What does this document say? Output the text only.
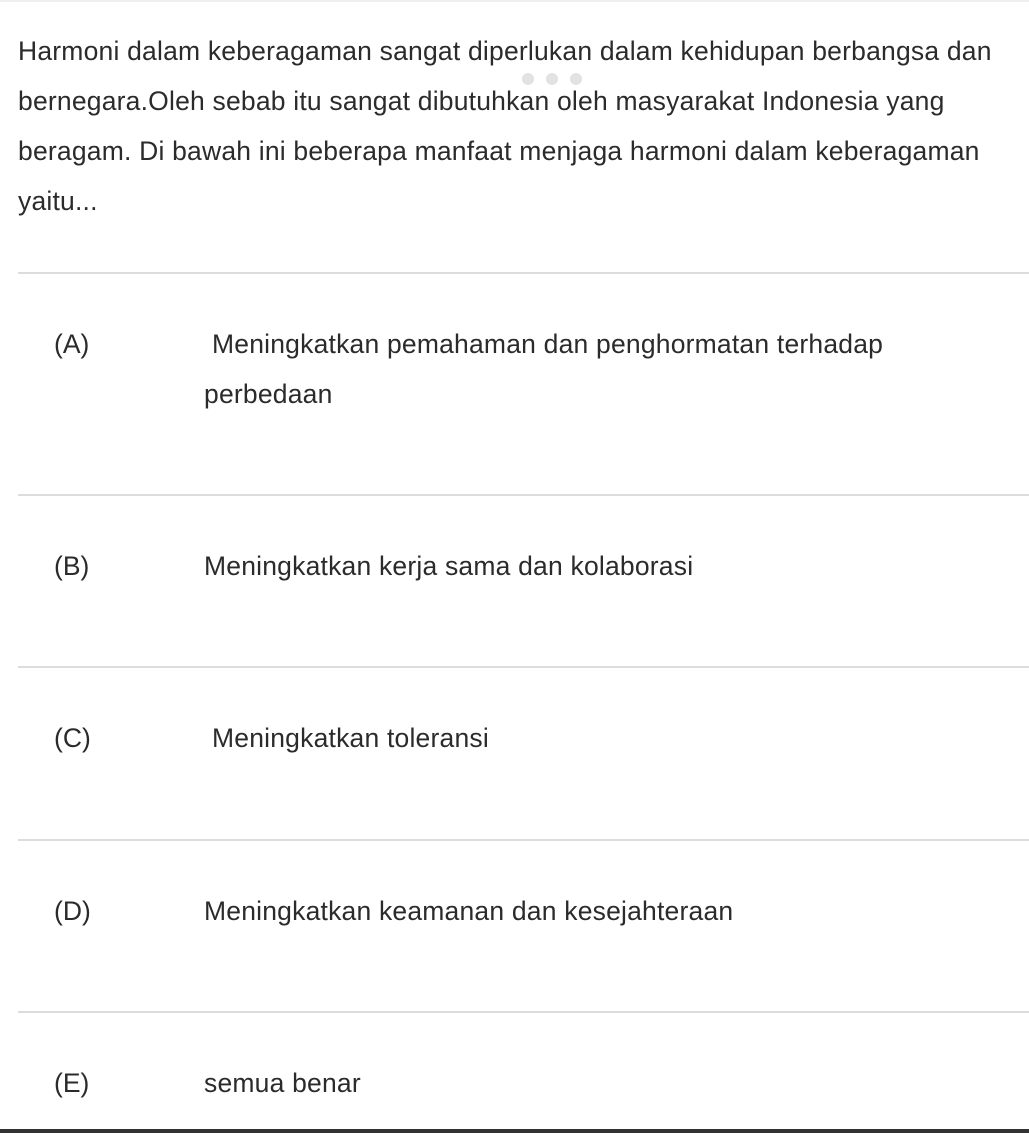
Harmoni dalam keberagaman sangat diperlukan dalam kehidupan berbangsa dan bernegara.Oleh sebab itu sangat dibutuhkan oleh masyarakat Indonesia yang beragam. Di bawah ini beberapa manfaat menjaga harmoni dalam keberagaman yaitu...

(A)	Meningkatkan pemahaman dan penghormatan terhadap perbedaan
(B)	Meningkatkan kerja sama dan kolaborasi
(C)	Meningkatkan toleransi
(D)	Meningkatkan keamanan dan kesejahteraan
(E)	semua benar
